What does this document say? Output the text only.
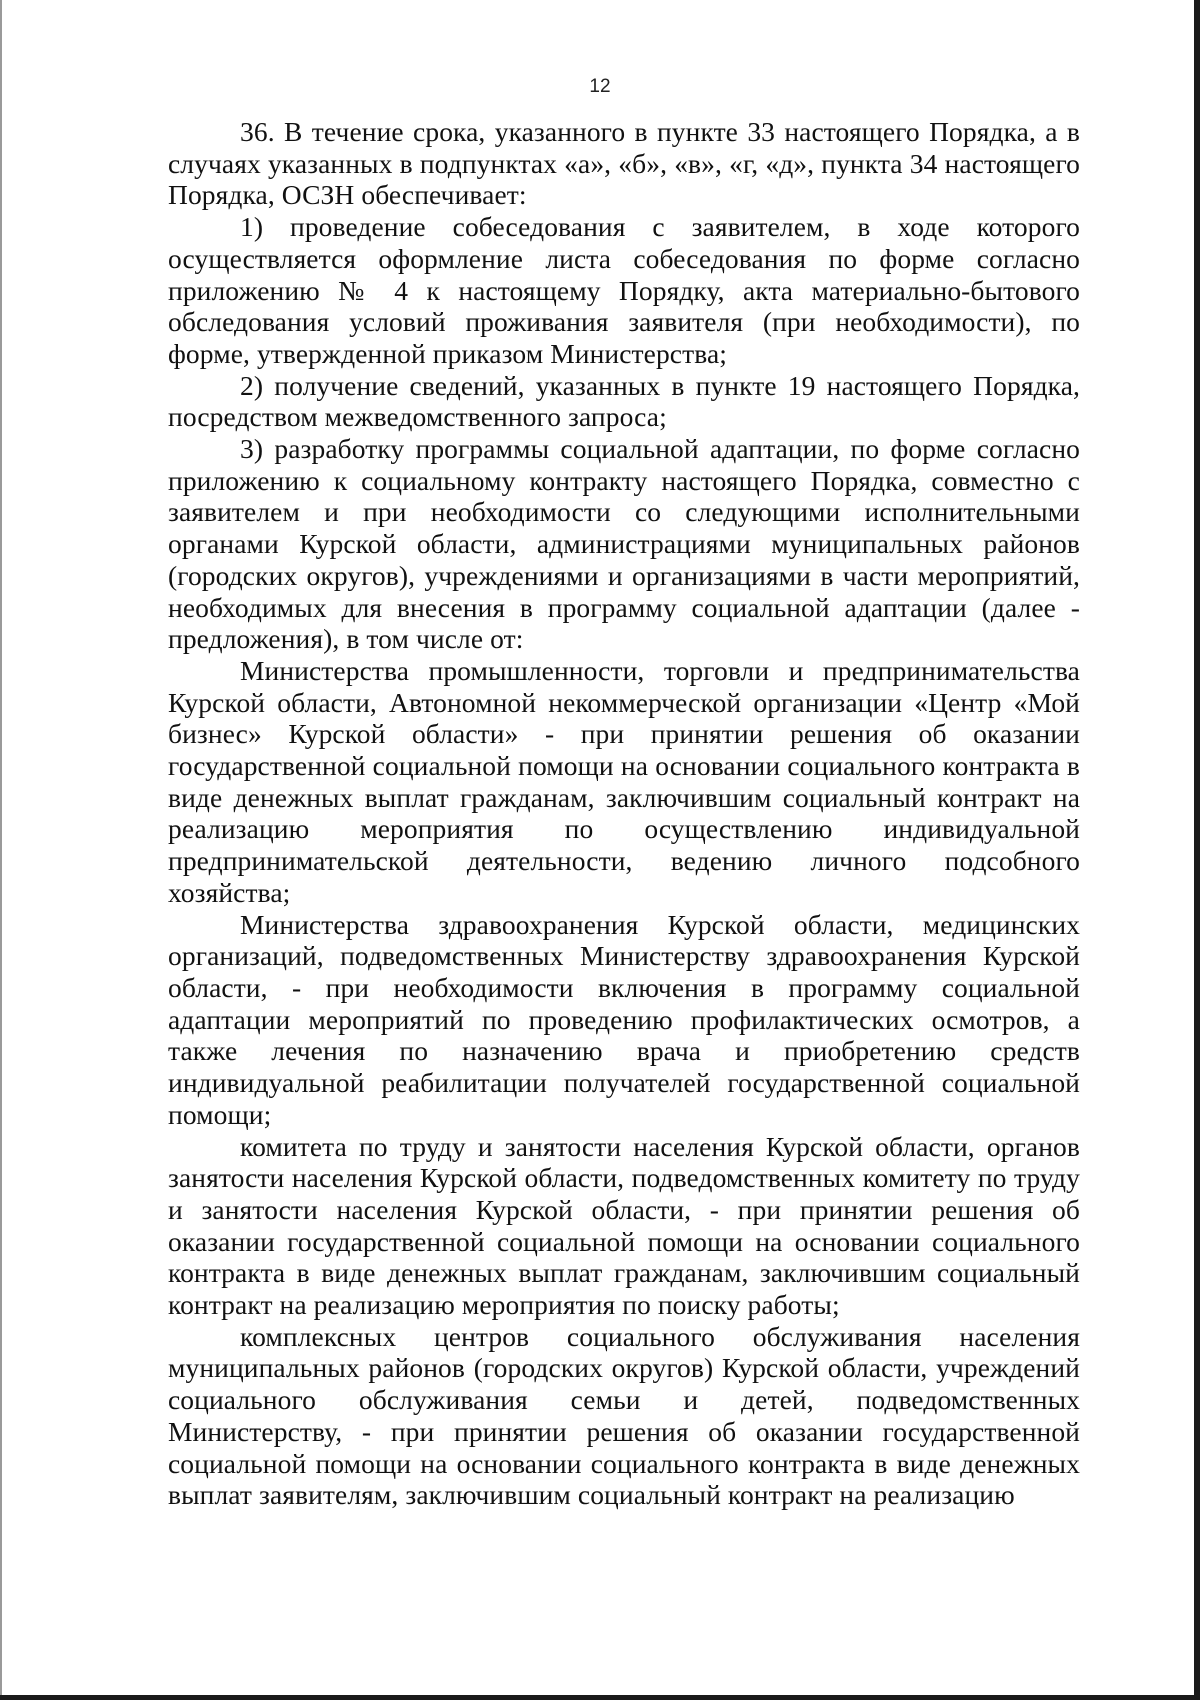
12

36. В течение срока, указанного в пункте 33 настоящего Порядка, а в случаях указанных в подпунктах «а», «б», «в», «г, «д», пункта 34 настоящего Порядка, ОСЗН обеспечивает:

1) проведение собеседования с заявителем, в ходе которого осуществляется оформление листа собеседования по форме согласно приложению № 4 к настоящему Порядку, акта материально-бытового обследования условий проживания заявителя (при необходимости), по форме, утвержденной приказом Министерства;

2) получение сведений, указанных в пункте 19 настоящего Порядка, посредством межведомственного запроса;

3) разработку программы социальной адаптации, по форме согласно приложению к социальному контракту настоящего Порядка, совместно с заявителем и при необходимости со следующими исполнительными органами Курской области, администрациями муниципальных районов (городских округов), учреждениями и организациями в части мероприятий, необходимых для внесения в программу социальной адаптации (далее - предложения), в том числе от:

Министерства промышленности, торговли и предпринимательства Курской области, Автономной некоммерческой организации «Центр «Мой бизнес» Курской области» - при принятии решения об оказании государственной социальной помощи на основании социального контракта в виде денежных выплат гражданам, заключившим социальный контракт на реализацию мероприятия по осуществлению индивидуальной предпринимательской деятельности, ведению личного подсобного хозяйства;

Министерства здравоохранения Курской области, медицинских организаций, подведомственных Министерству здравоохранения Курской области, - при необходимости включения в программу социальной адаптации мероприятий по проведению профилактических осмотров, а также лечения по назначению врача и приобретению средств индивидуальной реабилитации получателей государственной социальной помощи;

комитета по труду и занятости населения Курской области, органов занятости населения Курской области, подведомственных комитету по труду и занятости населения Курской области, - при принятии решения об оказании государственной социальной помощи на основании социального контракта в виде денежных выплат гражданам, заключившим социальный контракт на реализацию мероприятия по поиску работы;

комплексных центров социального обслуживания населения муниципальных районов (городских округов) Курской области, учреждений социального обслуживания семьи и детей, подведомственных Министерству, - при принятии решения об оказании государственной социальной помощи на основании социального контракта в виде денежных выплат заявителям, заключившим социальный контракт на реализацию
